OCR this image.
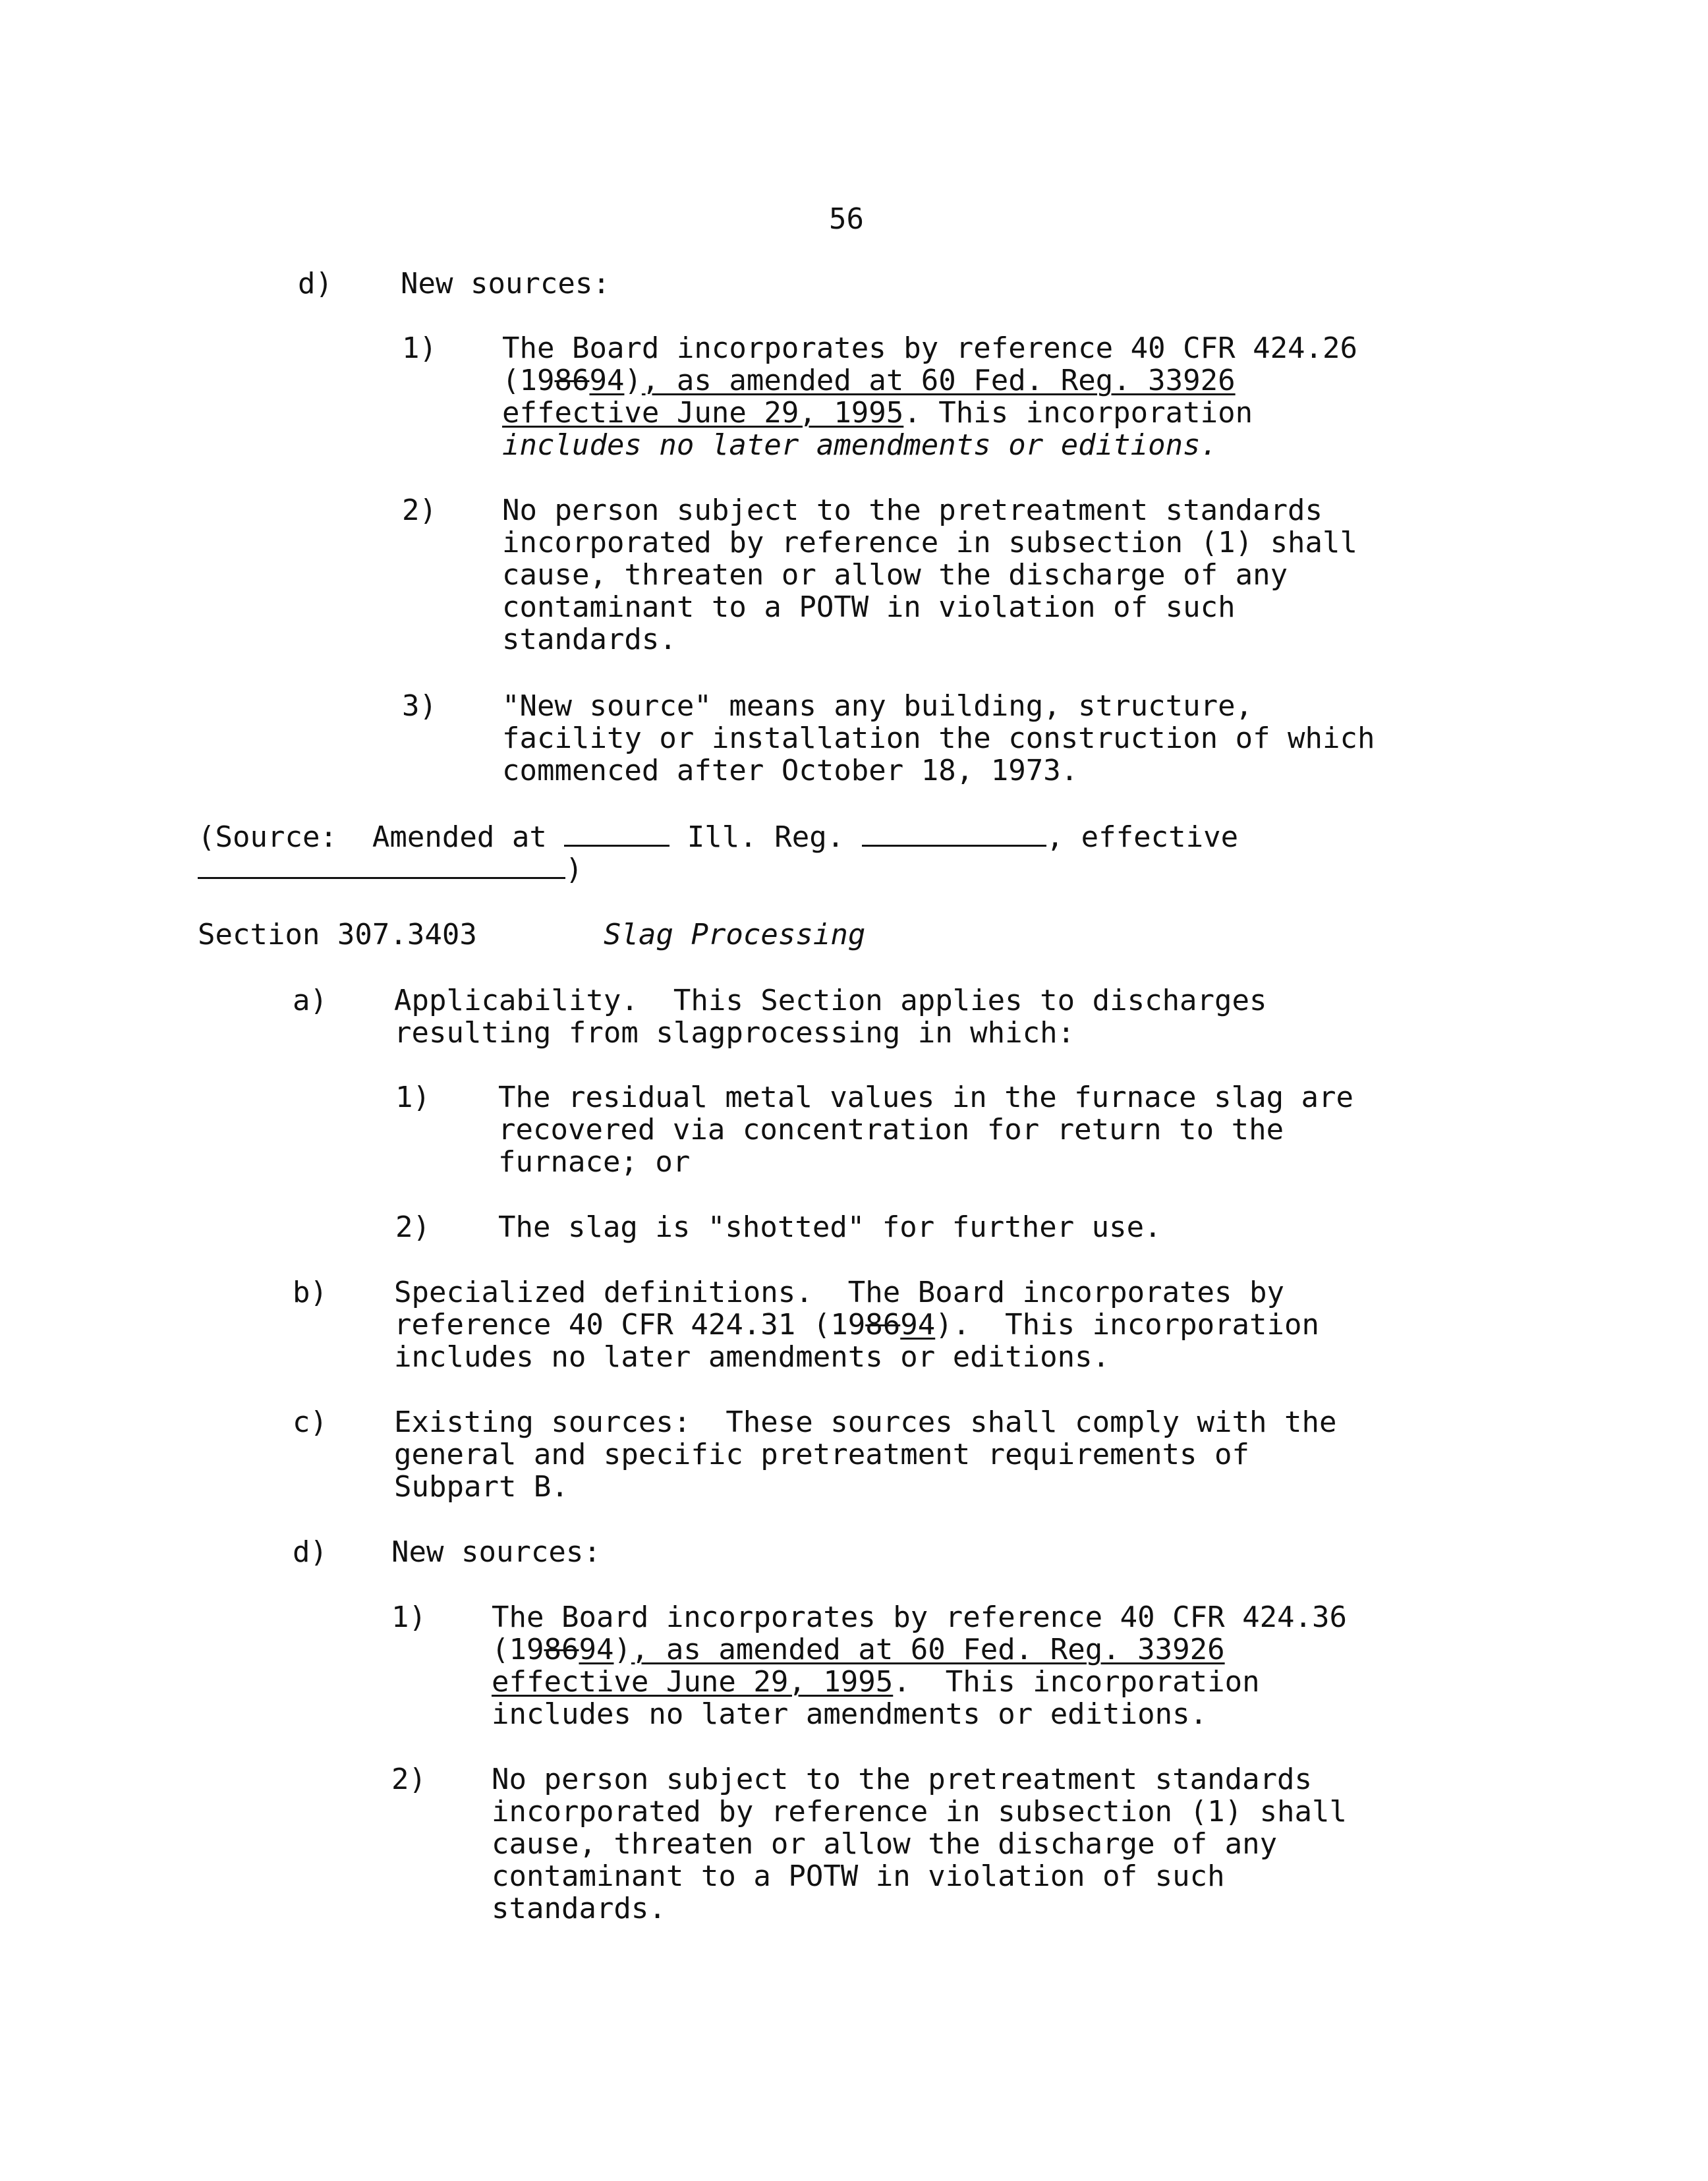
56
d) New sources:
1) The Board incorporates by reference 40 CFR 424.26
(198694), as amended at 60 Fed. Reg. 33926
effective June 29, 1995. This incorporation
includes no later amendments or editions.
2) No person subject to the pretreatment standards
incorporated by reference in subsection (1) shall
cause, threaten or allow the discharge of any
contaminant to a POTW in violation of such
standards.
3) "New source" means any building, structure,
facility or installation the construction of which
commenced after October 18, 1973.
(Source:  Amended at	Ill. Reg.	, effective
)
Section 307.3403	Slag Processing
a) Applicability.  This Section applies to discharges
resulting from slagprocessing in which:
1) The residual metal values in the furnace slag are
recovered via concentration for return to the
furnace; or
2) The slag is "shotted" for further use.
b) Specialized definitions.  The Board incorporates by
reference 40 CFR 424.31 (198694).  This incorporation
includes no later amendments or editions.
c) Existing sources:  These sources shall comply with the
general and specific pretreatment requirements of
Subpart B.
d) New sources:
1) The Board incorporates by reference 40 CFR 424.36
(198694), as amended at 60 Fed. Reg. 33926
effective June 29, 1995.  This incorporation
includes no later amendments or editions.
2) No person subject to the pretreatment standards
incorporated by reference in subsection (1) shall
cause, threaten or allow the discharge of any
contaminant to a POTW in violation of such
standards.
